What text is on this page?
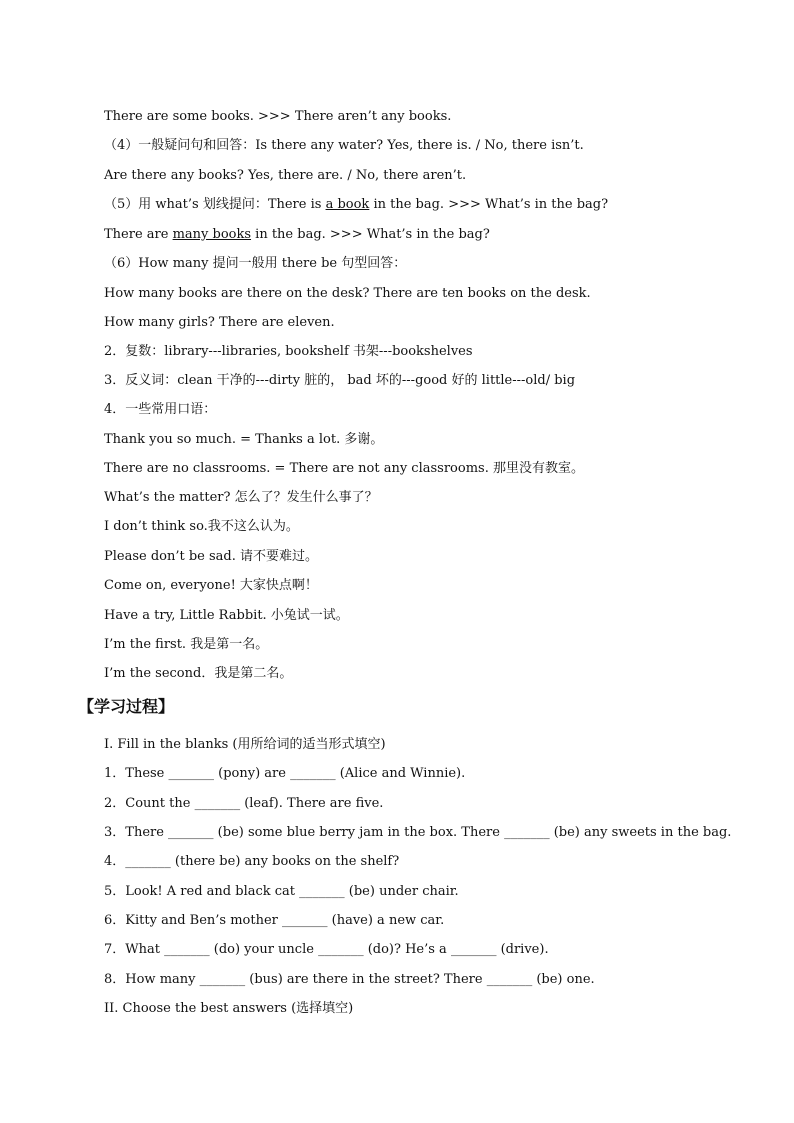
There are some books. >>> There aren’t any books.
（4）一般疑问句和回答：Is there any water? Yes, there is. / No, there isn’t.
Are there any books? Yes, there are. / No, there aren’t.
（5）用 what’s 划线提问：There is a book in the bag. >>> What’s in the bag?
There are many books in the bag. >>> What’s in the bag?
（6）How many 提问一般用 there be 句型回答：
How many books are there on the desk? There are ten books on the desk.
How many girls? There are eleven.
2．复数：library---libraries, bookshelf 书架---bookshelves
3．反义词：clean 干净的---dirty 脏的， bad 坏的---good 好的 little---old/ big
4．一些常用口语：
Thank you so much. = Thanks a lot. 多谢。
There are no classrooms. = There are not any classrooms. 那里没有教室。
What’s the matter? 怎么了？发生什么事了？
I don’t think so.我不这么认为。
Please don’t be sad. 请不要难过。
Come on, everyone! 大家快点啊！
Have a try, Little Rabbit. 小兔试一试。
I’m the first. 我是第一名。
I’m the second．我是第二名。
【学习过程】
I. Fill in the blanks (用所给词的适当形式填空)
1．These _______ (pony) are _______ (Alice and Winnie).
2．Count the _______ (leaf). There are five.
3．There _______ (be) some blue berry jam in the box. There _______ (be) any sweets in the bag.
4．_______ (there be) any books on the shelf?
5．Look! A red and black cat _______ (be) under chair.
6．Kitty and Ben’s mother _______ (have) a new car.
7．What _______ (do) your uncle _______ (do)? He’s a _______ (drive).
8．How many _______ (bus) are there in the street? There _______ (be) one.
II. Choose the best answers (选择填空)
